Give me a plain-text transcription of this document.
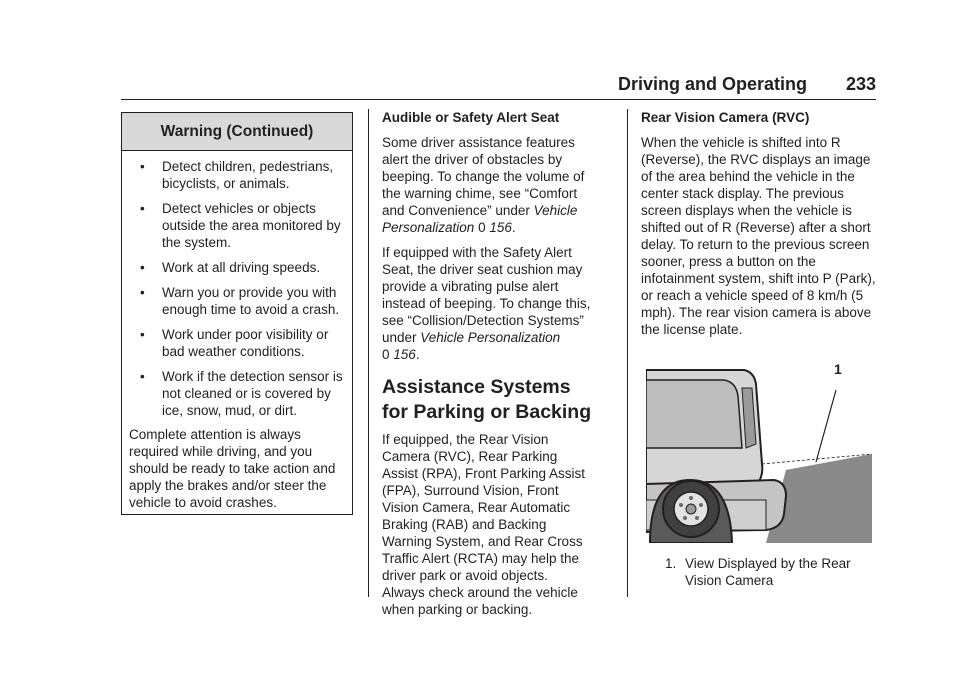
Driving and Operating 233
Warning (Continued)
•	Detect children, pedestrians, bicyclists, or animals.
•	Detect vehicles or objects outside the area monitored by the system.
•	Work at all driving speeds.
•	Warn you or provide you with enough time to avoid a crash.
•	Work under poor visibility or bad weather conditions.
•	Work if the detection sensor is not cleaned or is covered by ice, snow, mud, or dirt.
Complete attention is always required while driving, and you should be ready to take action and apply the brakes and/or steer the vehicle to avoid crashes.
Audible or Safety Alert Seat

Some driver assistance features alert the driver of obstacles by beeping. To change the volume of the warning chime, see “Comfort and Convenience” under Vehicle Personalization 0 156.

If equipped with the Safety Alert Seat, the driver seat cushion may provide a vibrating pulse alert instead of beeping. To change this, see “Collision/Detection Systems” under Vehicle Personalization
0 156.

Assistance Systems for Parking or Backing

If equipped, the Rear Vision Camera (RVC), Rear Parking Assist (RPA), Front Parking Assist (FPA), Surround Vision, Front Vision Camera, Rear Automatic Braking (RAB) and Backing Warning System, and Rear Cross Traffic Alert (RCTA) may help the driver park or avoid objects. Always check around the vehicle when parking or backing.

Rear Vision Camera (RVC)

When the vehicle is shifted into R (Reverse), the RVC displays an image of the area behind the vehicle in the center stack display. The previous screen displays when the vehicle is shifted out of R (Reverse) after a short delay. To return to the previous screen sooner, press a button on the infotainment system, shift into P (Park), or reach a vehicle speed of 8 km/h (5 mph). The rear vision camera is above the license plate.

1
1. View Displayed by the Rear Vision Camera
